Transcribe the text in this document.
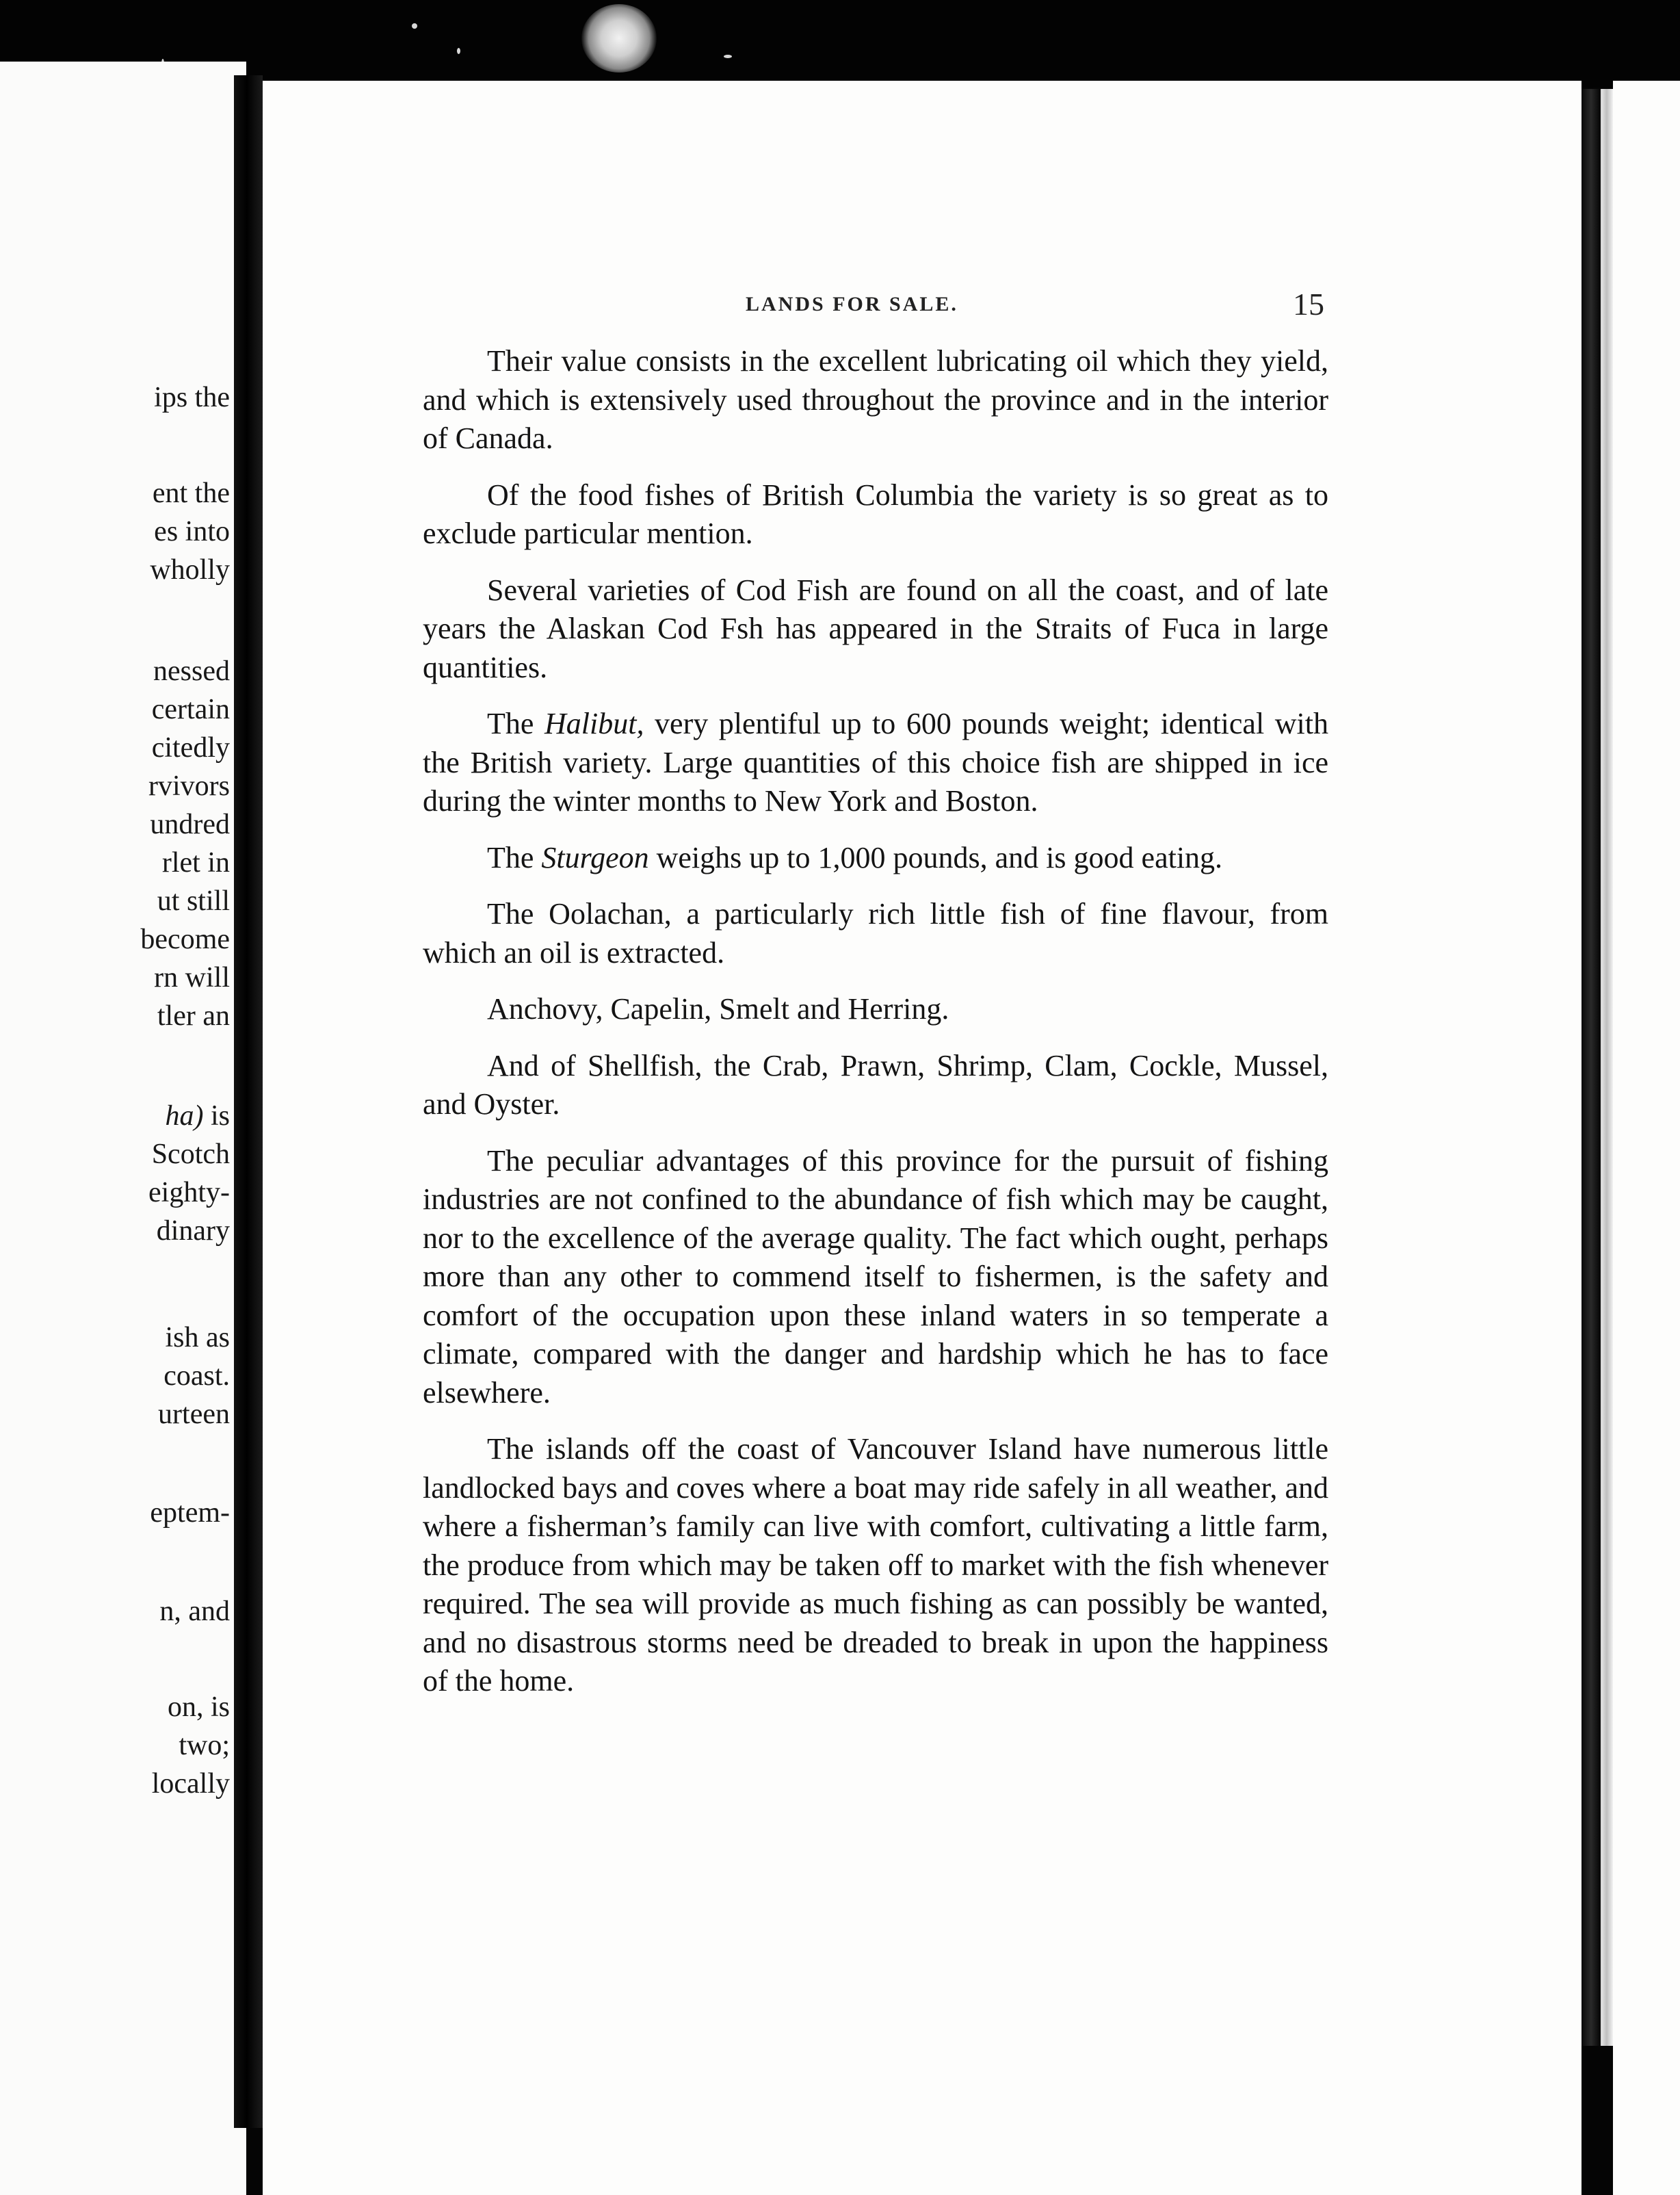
ips the
ent the
es into
wholly
nessed
certain
citedly
rvivors
undred
rlet in
ut still
become
rn will
tler an
ha) is
Scotch
eighty-
dinary
ish as
coast.
urteen
eptem-
n, and
on, is
two;
locally
LANDS FOR SALE.	15

Their value consists in the excellent lubricating oil which they yield, and which is extensively used throughout the province and in the interior of Canada.

Of the food fishes of British Columbia the variety is so great as to exclude particular mention.

Several varieties of Cod Fish are found on all the coast, and of late years the Alaskan Cod Fsh has appeared in the Straits of Fuca in large quantities.

The Halibut, very plentiful up to 600 pounds weight; identical with the British variety. Large quantities of this choice fish are shipped in ice during the winter months to New York and Boston.

The Sturgeon weighs up to 1,000 pounds, and is good eating.

The Oolachan, a particularly rich little fish of fine flavour, from which an oil is extracted.

Anchovy, Capelin, Smelt and Herring.

And of Shellfish, the Crab, Prawn, Shrimp, Clam, Cockle, Mussel, and Oyster.

The peculiar advantages of this province for the pursuit of fishing industries are not confined to the abundance of fish which may be caught, nor to the excellence of the average quality. The fact which ought, perhaps more than any other to commend itself to fishermen, is the safety and comfort of the occupation upon these inland waters in so temperate a climate, compared with the danger and hardship which he has to face elsewhere.

The islands off the coast of Vancouver Island have numerous little landlocked bays and coves where a boat may ride safely in all weather, and where a fisherman’s family can live with comfort, cultivating a little farm, the produce from which may be taken off to market with the fish whenever required. The sea will provide as much fishing as can possibly be wanted, and no disastrous storms need be dreaded to break in upon the happiness of the home.
